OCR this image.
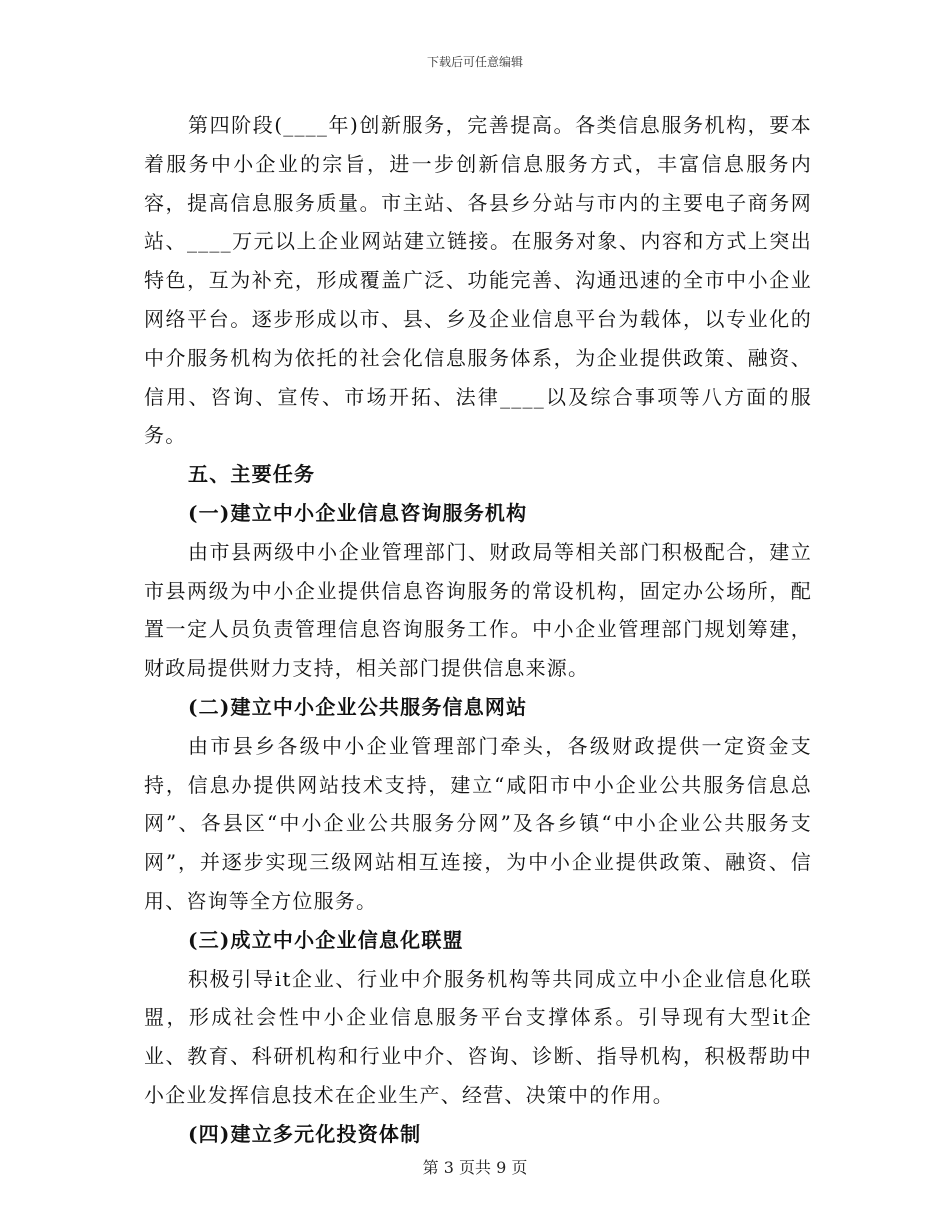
下载后可任意编辑

第四阶段(____年)创新服务，完善提高。各类信息服务机构，要本着服务中小企业的宗旨，进一步创新信息服务方式，丰富信息服务内容，提高信息服务质量。市主站、各县乡分站与市内的主要电子商务网站、____万元以上企业网站建立链接。在服务对象、内容和方式上突出特色，互为补充，形成覆盖广泛、功能完善、沟通迅速的全市中小企业网络平台。逐步形成以市、县、乡及企业信息平台为载体，以专业化的中介服务机构为依托的社会化信息服务体系，为企业提供政策、融资、信用、咨询、宣传、市场开拓、法律____以及综合事项等八方面的服务。

五、主要任务

(一)建立中小企业信息咨询服务机构

由市县两级中小企业管理部门、财政局等相关部门积极配合，建立市县两级为中小企业提供信息咨询服务的常设机构，固定办公场所，配置一定人员负责管理信息咨询服务工作。中小企业管理部门规划筹建，财政局提供财力支持，相关部门提供信息来源。

(二)建立中小企业公共服务信息网站

由市县乡各级中小企业管理部门牵头，各级财政提供一定资金支持，信息办提供网站技术支持，建立“咸阳市中小企业公共服务信息总网”、各县区“中小企业公共服务分网”及各乡镇“中小企业公共服务支网”，并逐步实现三级网站相互连接，为中小企业提供政策、融资、信用、咨询等全方位服务。

(三)成立中小企业信息化联盟

积极引导it企业、行业中介服务机构等共同成立中小企业信息化联盟，形成社会性中小企业信息服务平台支撑体系。引导现有大型it企业、教育、科研机构和行业中介、咨询、诊断、指导机构，积极帮助中小企业发挥信息技术在企业生产、经营、决策中的作用。

(四)建立多元化投资体制

第 3 页共 9 页
